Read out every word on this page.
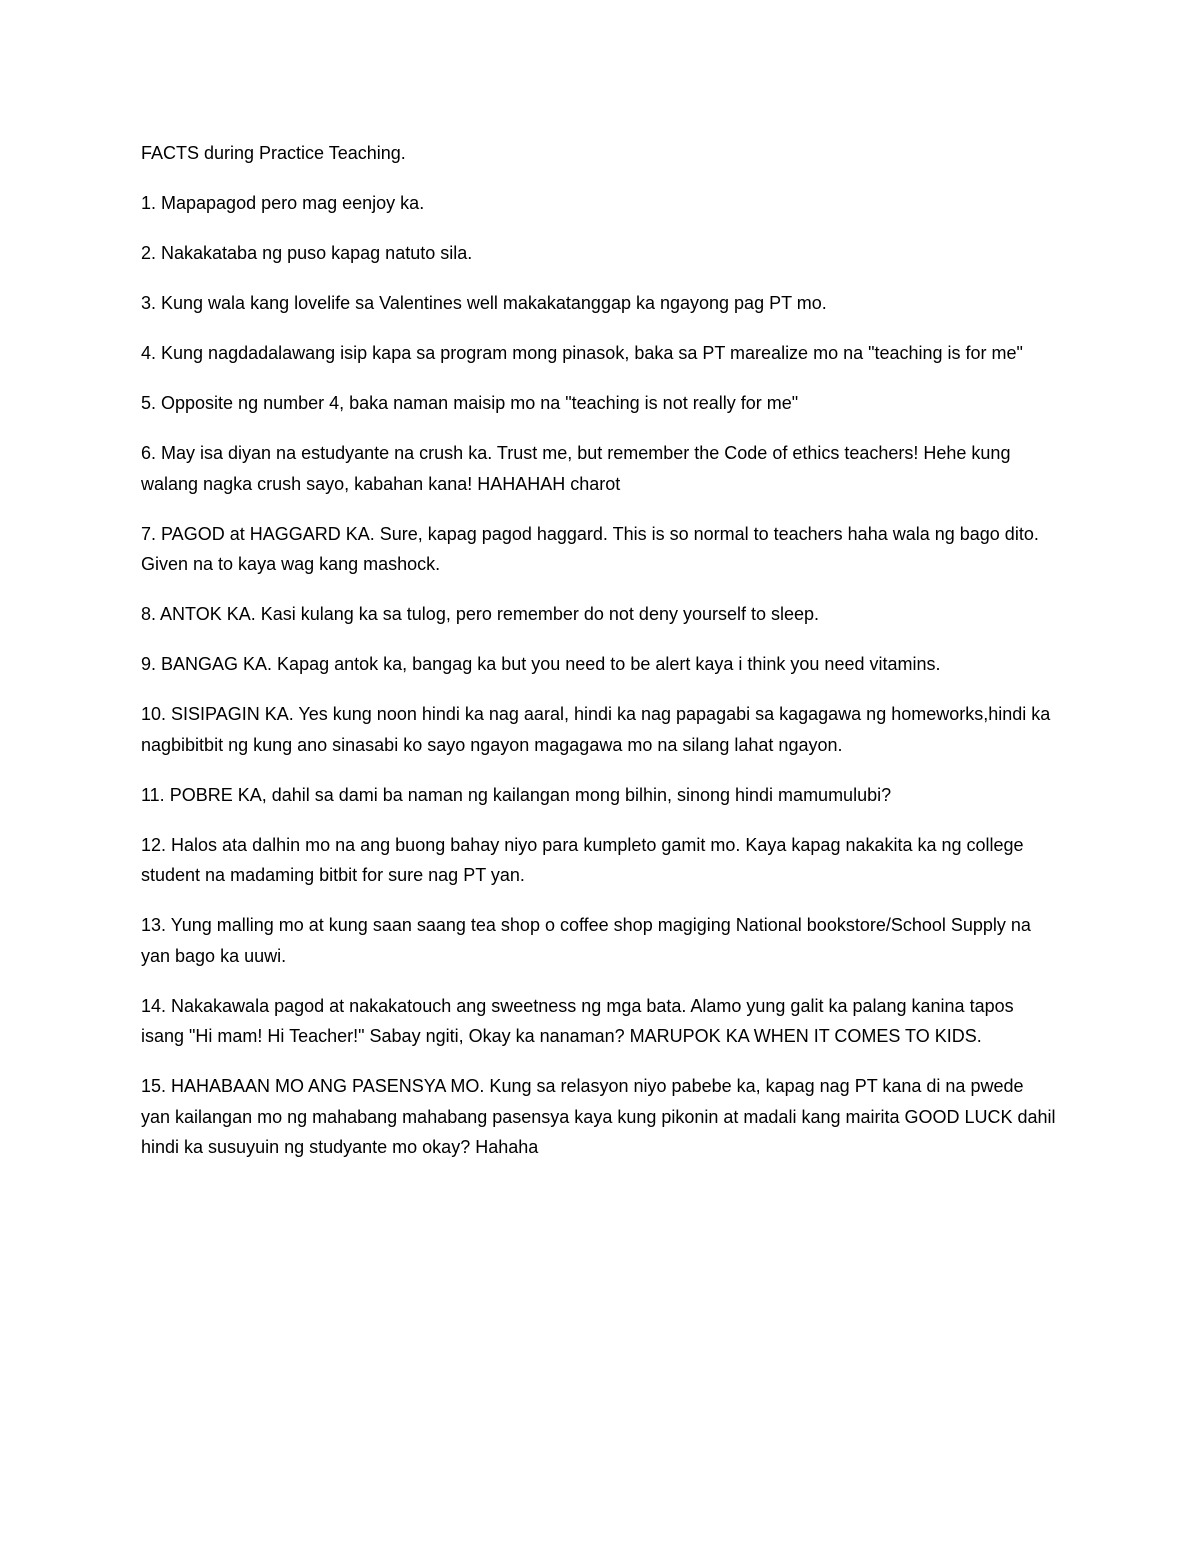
FACTS during Practice Teaching.

1. Mapapagod pero mag eenjoy ka.

2. Nakakataba ng puso kapag natuto sila.

3. Kung wala kang lovelife sa Valentines well makakatanggap ka ngayong pag PT mo.

4. Kung nagdadalawang isip kapa sa program mong pinasok, baka sa PT marealize mo na "teaching is for me"

5. Opposite ng number 4, baka naman maisip mo na "teaching is not really for me"

6. May isa diyan na estudyante na crush ka. Trust me, but remember the Code of ethics teachers! Hehe kung walang nagka crush sayo, kabahan kana! HAHAHAH charot

7. PAGOD at HAGGARD KA. Sure, kapag pagod haggard. This is so normal to teachers haha wala ng bago dito. Given na to kaya wag kang mashock.

8. ANTOK KA. Kasi kulang ka sa tulog, pero remember do not deny yourself to sleep.

9. BANGAG KA. Kapag antok ka, bangag ka but you need to be alert kaya i think you need vitamins.

10. SISIPAGIN KA. Yes kung noon hindi ka nag aaral, hindi ka nag papagabi sa kagagawa ng homeworks,hindi ka nagbibitbit ng kung ano sinasabi ko sayo ngayon magagawa mo na silang lahat ngayon.

11. POBRE KA, dahil sa dami ba naman ng kailangan mong bilhin, sinong hindi mamumulubi?

12. Halos ata dalhin mo na ang buong bahay niyo para kumpleto gamit mo. Kaya kapag nakakita ka ng college student na madaming bitbit for sure nag PT yan.

13. Yung malling mo at kung saan saang tea shop o coffee shop magiging National bookstore/School Supply na yan bago ka uuwi.

14. Nakakawala pagod at nakakatouch ang sweetness ng mga bata. Alamo yung galit ka palang kanina tapos isang "Hi mam! Hi Teacher!" Sabay ngiti, Okay ka nanaman? MARUPOK KA WHEN IT COMES TO KIDS.

15. HAHABAAN MO ANG PASENSYA MO. Kung sa relasyon niyo pabebe ka, kapag nag PT kana di na pwede yan kailangan mo ng mahabang mahabang pasensya kaya kung pikonin at madali kang mairita GOOD LUCK dahil hindi ka susuyuin ng studyante mo okay? Hahaha
